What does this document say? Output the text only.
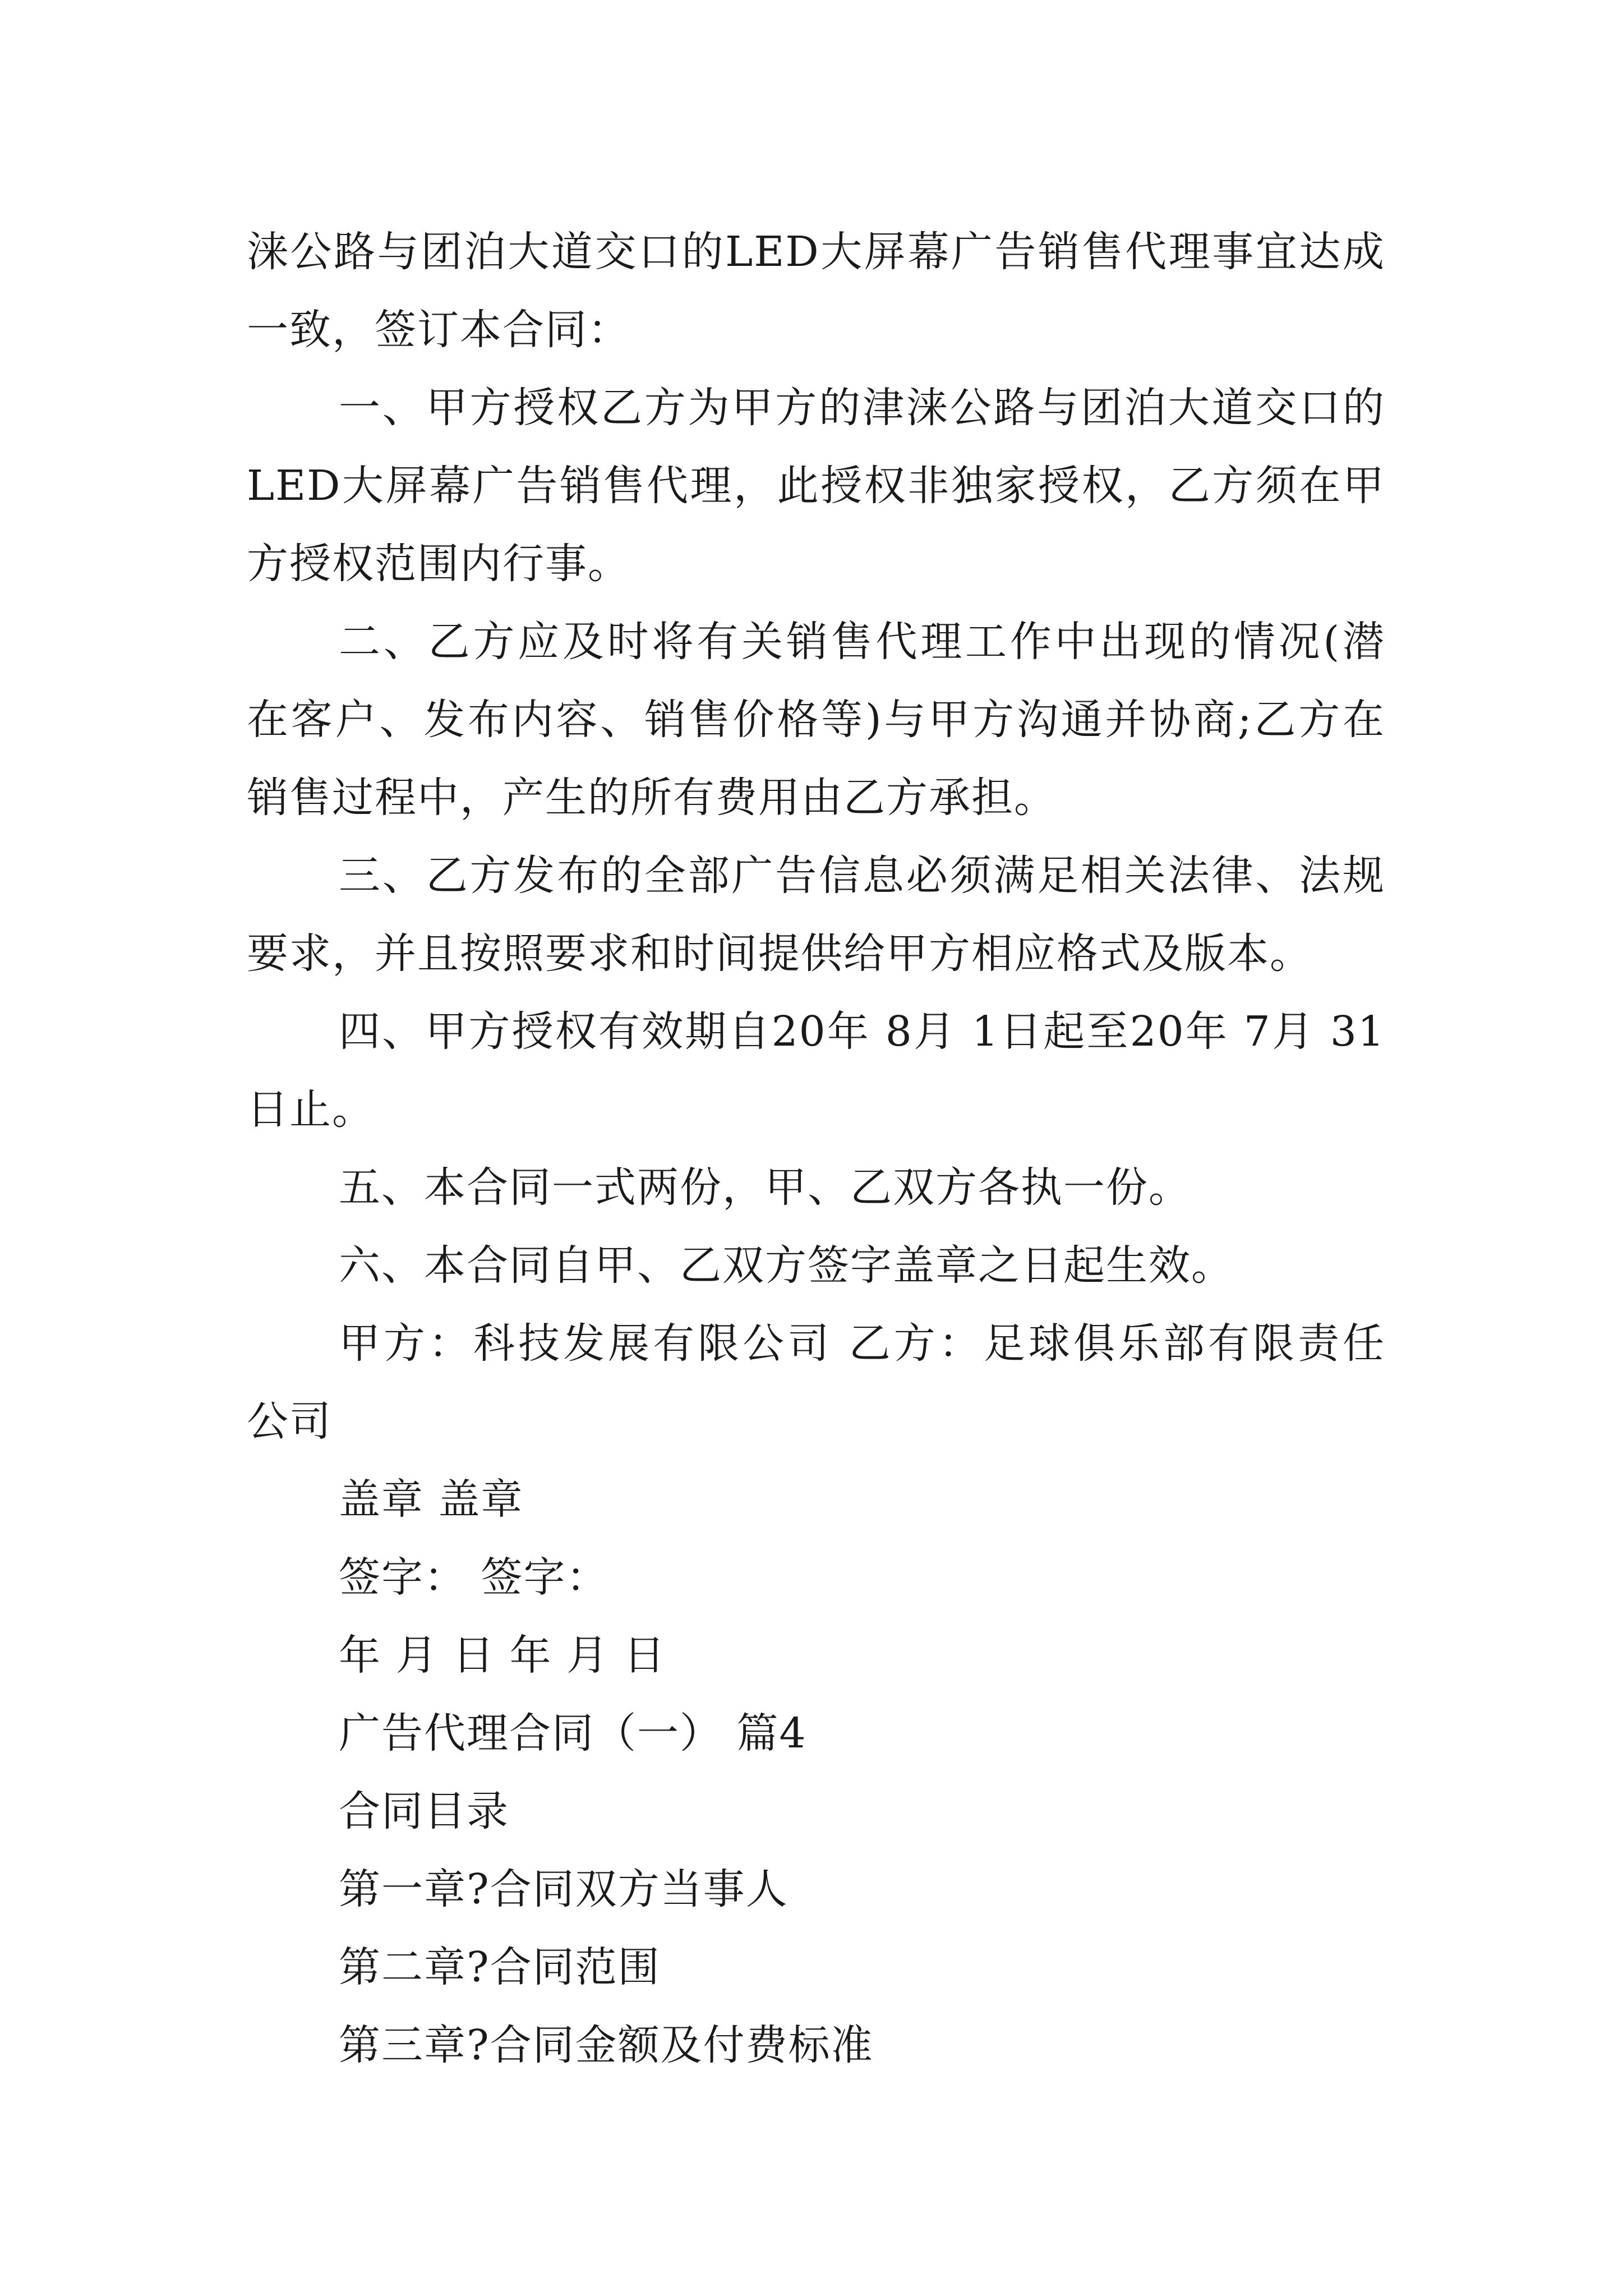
涞公路与团泊大道交口的LED大屏幕广告销售代理事宜达成
一致，签订本合同：
一、甲方授权乙方为甲方的津涞公路与团泊大道交口的
LED大屏幕广告销售代理，此授权非独家授权，乙方须在甲
方授权范围内行事。
二、乙方应及时将有关销售代理工作中出现的情况(潜
在客户、发布内容、销售价格等)与甲方沟通并协商;乙方在
销售过程中，产生的所有费用由乙方承担。
三、乙方发布的全部广告信息必须满足相关法律、法规
要求，并且按照要求和时间提供给甲方相应格式及版本。
四、甲方授权有效期自20年 8月 1日起至20年 7月 31
日止。
五、本合同一式两份，甲、乙双方各执一份。
六、本合同自甲、乙双方签字盖章之日起生效。
甲方：科技发展有限公司 乙方：足球俱乐部有限责任
公司
盖章 盖章
签字： 签字：
年 月 日 年 月 日
广告代理合同（一） 篇4
合同目录
第一章?合同双方当事人
第二章?合同范围
第三章?合同金额及付费标准
